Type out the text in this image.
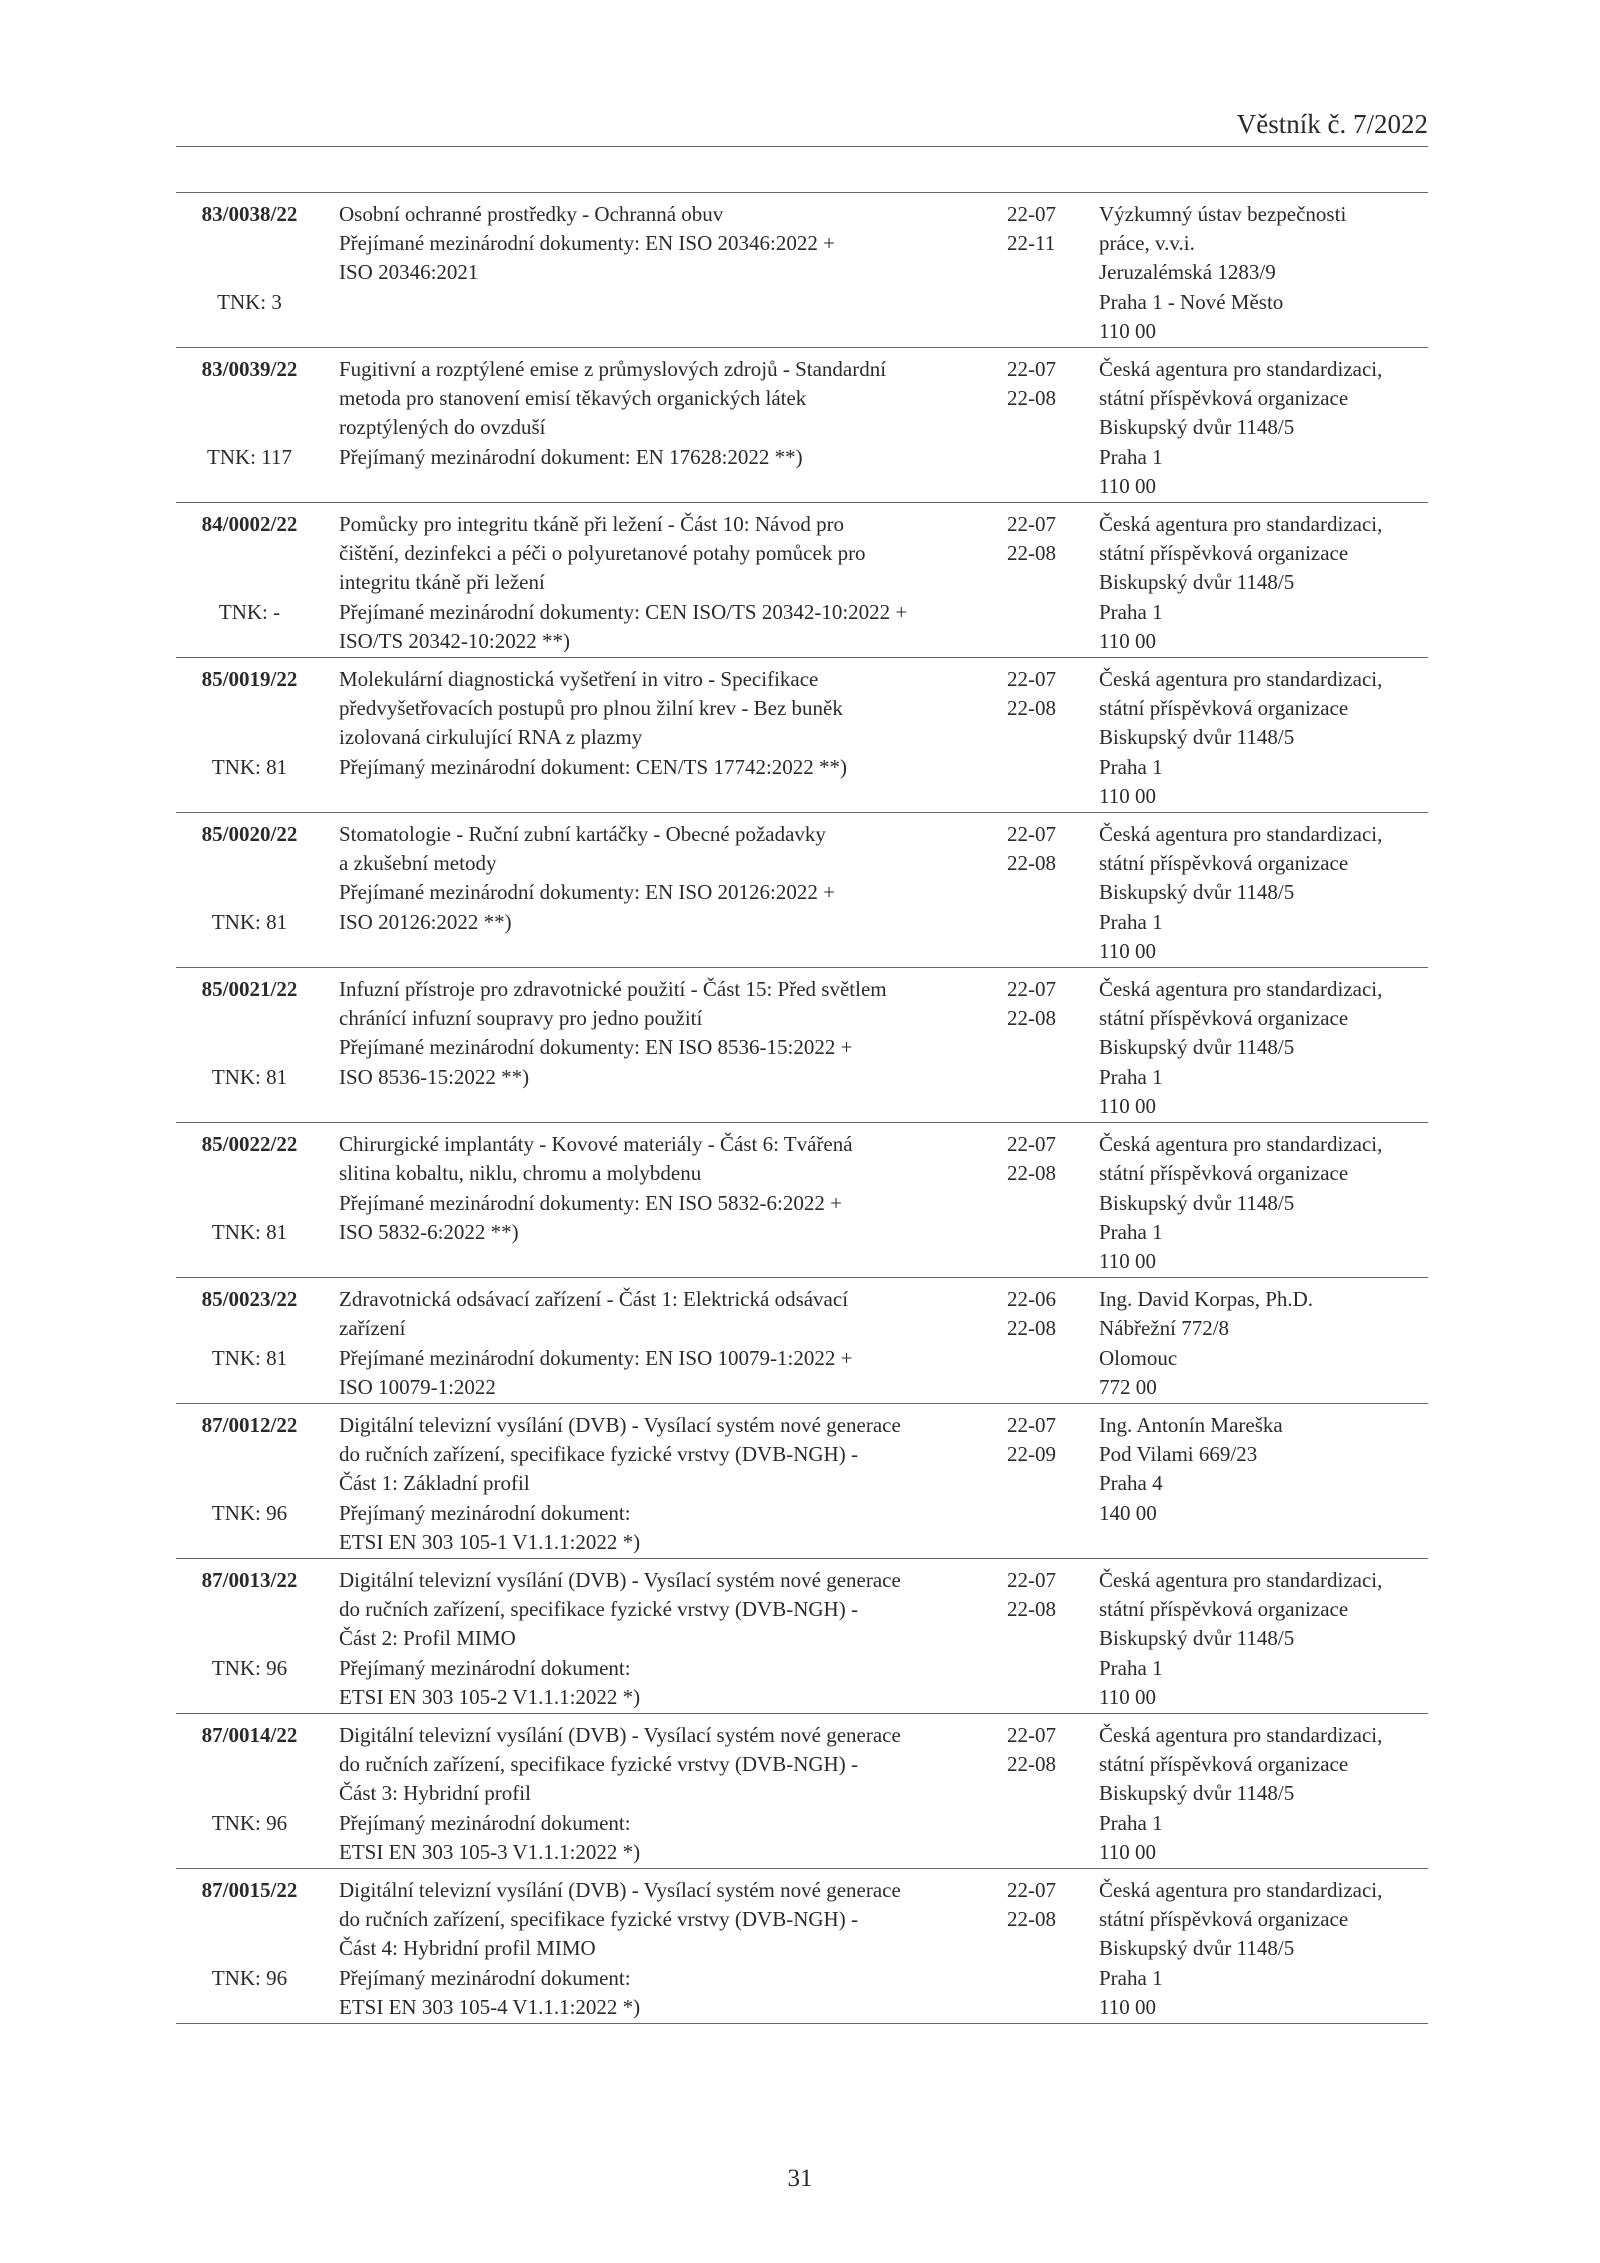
Věstník č. 7/2022
83/0038/22
TNK: 3
Osobní ochranné prostředky - Ochranná obuv
Přejímané mezinárodní dokumenty: EN ISO 20346:2022 +
ISO 20346:2021
22-07
22-11
Výzkumný ústav bezpečnosti
práce, v.v.i.
Jeruzalémská 1283/9
Praha 1 - Nové Město
110 00
83/0039/22
TNK: 117
Fugitivní a rozptýlené emise z průmyslových zdrojů - Standardní
metoda pro stanovení emisí těkavých organických látek
rozptýlených do ovzduší
Přejímaný mezinárodní dokument: EN 17628:2022 **)
22-07
22-08
Česká agentura pro standardizaci,
státní příspěvková organizace
Biskupský dvůr 1148/5
Praha 1
110 00
84/0002/22
TNK: -
Pomůcky pro integritu tkáně při ležení - Část 10: Návod pro
čištění, dezinfekci a péči o polyuretanové potahy pomůcek pro
integritu tkáně při ležení
Přejímané mezinárodní dokumenty: CEN ISO/TS 20342-10:2022 +
ISO/TS 20342-10:2022 **)
22-07
22-08
Česká agentura pro standardizaci,
státní příspěvková organizace
Biskupský dvůr 1148/5
Praha 1
110 00
85/0019/22
TNK: 81
Molekulární diagnostická vyšetření in vitro - Specifikace
předvyšetřovacích postupů pro plnou žilní krev - Bez buněk
izolovaná cirkulující RNA z plazmy
Přejímaný mezinárodní dokument: CEN/TS 17742:2022 **)
22-07
22-08
Česká agentura pro standardizaci,
státní příspěvková organizace
Biskupský dvůr 1148/5
Praha 1
110 00
85/0020/22
TNK: 81
Stomatologie - Ruční zubní kartáčky - Obecné požadavky
a zkušební metody
Přejímané mezinárodní dokumenty: EN ISO 20126:2022 +
ISO 20126:2022 **)
22-07
22-08
Česká agentura pro standardizaci,
státní příspěvková organizace
Biskupský dvůr 1148/5
Praha 1
110 00
85/0021/22
TNK: 81
Infuzní přístroje pro zdravotnické použití - Část 15: Před světlem
chránící infuzní soupravy pro jedno použití
Přejímané mezinárodní dokumenty: EN ISO 8536-15:2022 +
ISO 8536-15:2022 **)
22-07
22-08
Česká agentura pro standardizaci,
státní příspěvková organizace
Biskupský dvůr 1148/5
Praha 1
110 00
85/0022/22
TNK: 81
Chirurgické implantáty - Kovové materiály - Část 6: Tvářená
slitina kobaltu, niklu, chromu a molybdenu
Přejímané mezinárodní dokumenty: EN ISO 5832-6:2022 +
ISO 5832-6:2022 **)
22-07
22-08
Česká agentura pro standardizaci,
státní příspěvková organizace
Biskupský dvůr 1148/5
Praha 1
110 00
85/0023/22
TNK: 81
Zdravotnická odsávací zařízení - Část 1: Elektrická odsávací
zařízení
Přejímané mezinárodní dokumenty: EN ISO 10079-1:2022 +
ISO 10079-1:2022
22-06
22-08
Ing. David Korpas, Ph.D.
Nábřežní 772/8
Olomouc
772 00
87/0012/22
TNK: 96
Digitální televizní vysílání (DVB) - Vysílací systém nové generace
do ručních zařízení, specifikace fyzické vrstvy (DVB-NGH) -
Část 1: Základní profil
Přejímaný mezinárodní dokument:
ETSI EN 303 105-1 V1.1.1:2022 *)
22-07
22-09
Ing. Antonín Mareška
Pod Vilami 669/23
Praha 4
140 00
87/0013/22
TNK: 96
Digitální televizní vysílání (DVB) - Vysílací systém nové generace
do ručních zařízení, specifikace fyzické vrstvy (DVB-NGH) -
Část 2: Profil MIMO
Přejímaný mezinárodní dokument:
ETSI EN 303 105-2 V1.1.1:2022 *)
22-07
22-08
Česká agentura pro standardizaci,
státní příspěvková organizace
Biskupský dvůr 1148/5
Praha 1
110 00
87/0014/22
TNK: 96
Digitální televizní vysílání (DVB) - Vysílací systém nové generace
do ručních zařízení, specifikace fyzické vrstvy (DVB-NGH) -
Část 3: Hybridní profil
Přejímaný mezinárodní dokument:
ETSI EN 303 105-3 V1.1.1:2022 *)
22-07
22-08
Česká agentura pro standardizaci,
státní příspěvková organizace
Biskupský dvůr 1148/5
Praha 1
110 00
87/0015/22
TNK: 96
Digitální televizní vysílání (DVB) - Vysílací systém nové generace
do ručních zařízení, specifikace fyzické vrstvy (DVB-NGH) -
Část 4: Hybridní profil MIMO
Přejímaný mezinárodní dokument:
ETSI EN 303 105-4 V1.1.1:2022 *)
22-07
22-08
Česká agentura pro standardizaci,
státní příspěvková organizace
Biskupský dvůr 1148/5
Praha 1
110 00
31
